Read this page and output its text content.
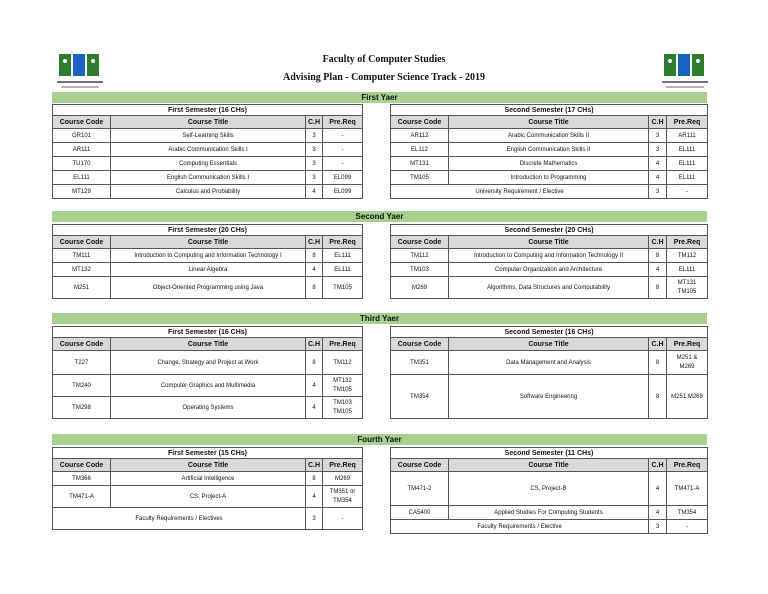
Faculty of Computer Studies
Advising Plan - Computer Science Track - 2019
First Yaer
First Semester (16 CHs)			
Course Code	Course Title	C.H	Pre.Req
GR101	Self-Learning Skills	3	-
AR111	Arabic Communication Skills I	3	-
TU170	Computing Essentials	3	-
EL111	English Communication Skills I	3	EL099
MT129	Calculus and Probability	4	EL099
Second Semester (17 CHs)			
Course Code	Course Title	C.H	Pre.Req
AR112	Arabic Communication Skills II	3	AR111
EL112	English Communication Skills II	3	EL111
MT131	Discrete Mathematics	4	EL111
TM105	Introduction to Programming	4	EL111
University Requirement / Elective		3	-
Second Yaer
First Semester (20 CHs)			
Course Code	Course Title	C.H	Pre.Req
TM111	Introduction to Computing and Information Technology I	8	EL111
MT132	Linear Algebra	4	EL111
M251	Object-Oriented Programming using Java	8	TM105
Second Semester (20 CHs)			
Course Code	Course Title	C.H	Pre.Req
TM112	Introduction to Computing and Information Technology II	8	TM112
TM103	Computer Organization and Architecture	4	EL111
M269	Algorithms, Data Structures and Computability	8	MT131
TM105
Third Yaer
First Semester (16 CHs)			
Course Code	Course Title	C.H	Pre.Req
T227	Change, Strategy and Project at Work	8	TM112
TM240	Computer Graphics and Multimedia	4	MT132
TM105

TM298	Operating Systems	4	TM103
TM105
Second Semester (16 CHs)			
Course Code	Course Title	C.H	Pre.Req
TM351	Data Management and Analysis	8	M251 &
M269

TM354	Software Engineering	8	M251 M269
Fourth Yaer
First Semester (15 CHs)			
Course Code	Course Title	C.H	Pre.Req
TM366	Artificial Intelligence	8	M269
TM471-A	CS, Project-A	4	TM351 or
TM354

Faculty Requirements / Electives		3	-
Second Semester (11 CHs)			
Course Code	Course Title	C.H	Pre.Req
TM471-2	CS, Project-B	4	TM471-A
CA5400	Applied Studies For Computing Students	4	TM354
Faculty Requirements / Elective		3	-
